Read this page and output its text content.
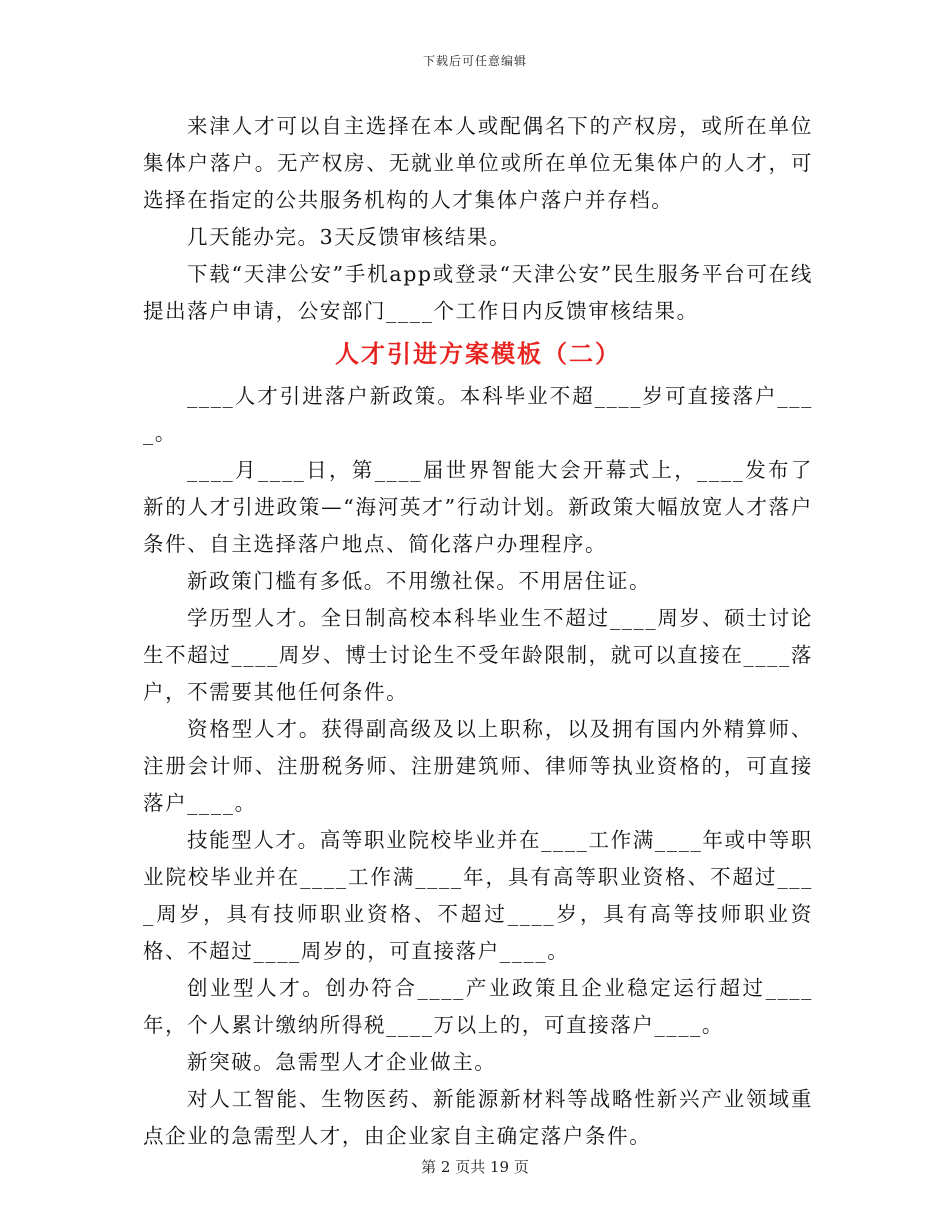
下载后可任意编辑

来津人才可以自主选择在本人或配偶名下的产权房，或所在单位集体户落户。无产权房、无就业单位或所在单位无集体户的人才，可选择在指定的公共服务机构的人才集体户落户并存档。

几天能办完。3天反馈审核结果。

下载“天津公安”手机app或登录“天津公安”民生服务平台可在线提出落户申请，公安部门____个工作日内反馈审核结果。

人才引进方案模板（二）

____人才引进落户新政策。本科毕业不超____岁可直接落户____。

____月____日，第____届世界智能大会开幕式上，____发布了新的人才引进政策—“海河英才”行动计划。新政策大幅放宽人才落户条件、自主选择落户地点、简化落户办理程序。

新政策门槛有多低。不用缴社保。不用居住证。

学历型人才。全日制高校本科毕业生不超过____周岁、硕士讨论生不超过____周岁、博士讨论生不受年龄限制，就可以直接在____落户，不需要其他任何条件。

资格型人才。获得副高级及以上职称，以及拥有国内外精算师、注册会计师、注册税务师、注册建筑师、律师等执业资格的，可直接落户____。

技能型人才。高等职业院校毕业并在____工作满____年或中等职业院校毕业并在____工作满____年，具有高等职业资格、不超过____周岁，具有技师职业资格、不超过____岁，具有高等技师职业资格、不超过____周岁的，可直接落户____。

创业型人才。创办符合____产业政策且企业稳定运行超过____年，个人累计缴纳所得税____万以上的，可直接落户____。

新突破。急需型人才企业做主。

对人工智能、生物医药、新能源新材料等战略性新兴产业领域重点企业的急需型人才，由企业家自主确定落户条件。

第 2 页共 19 页
